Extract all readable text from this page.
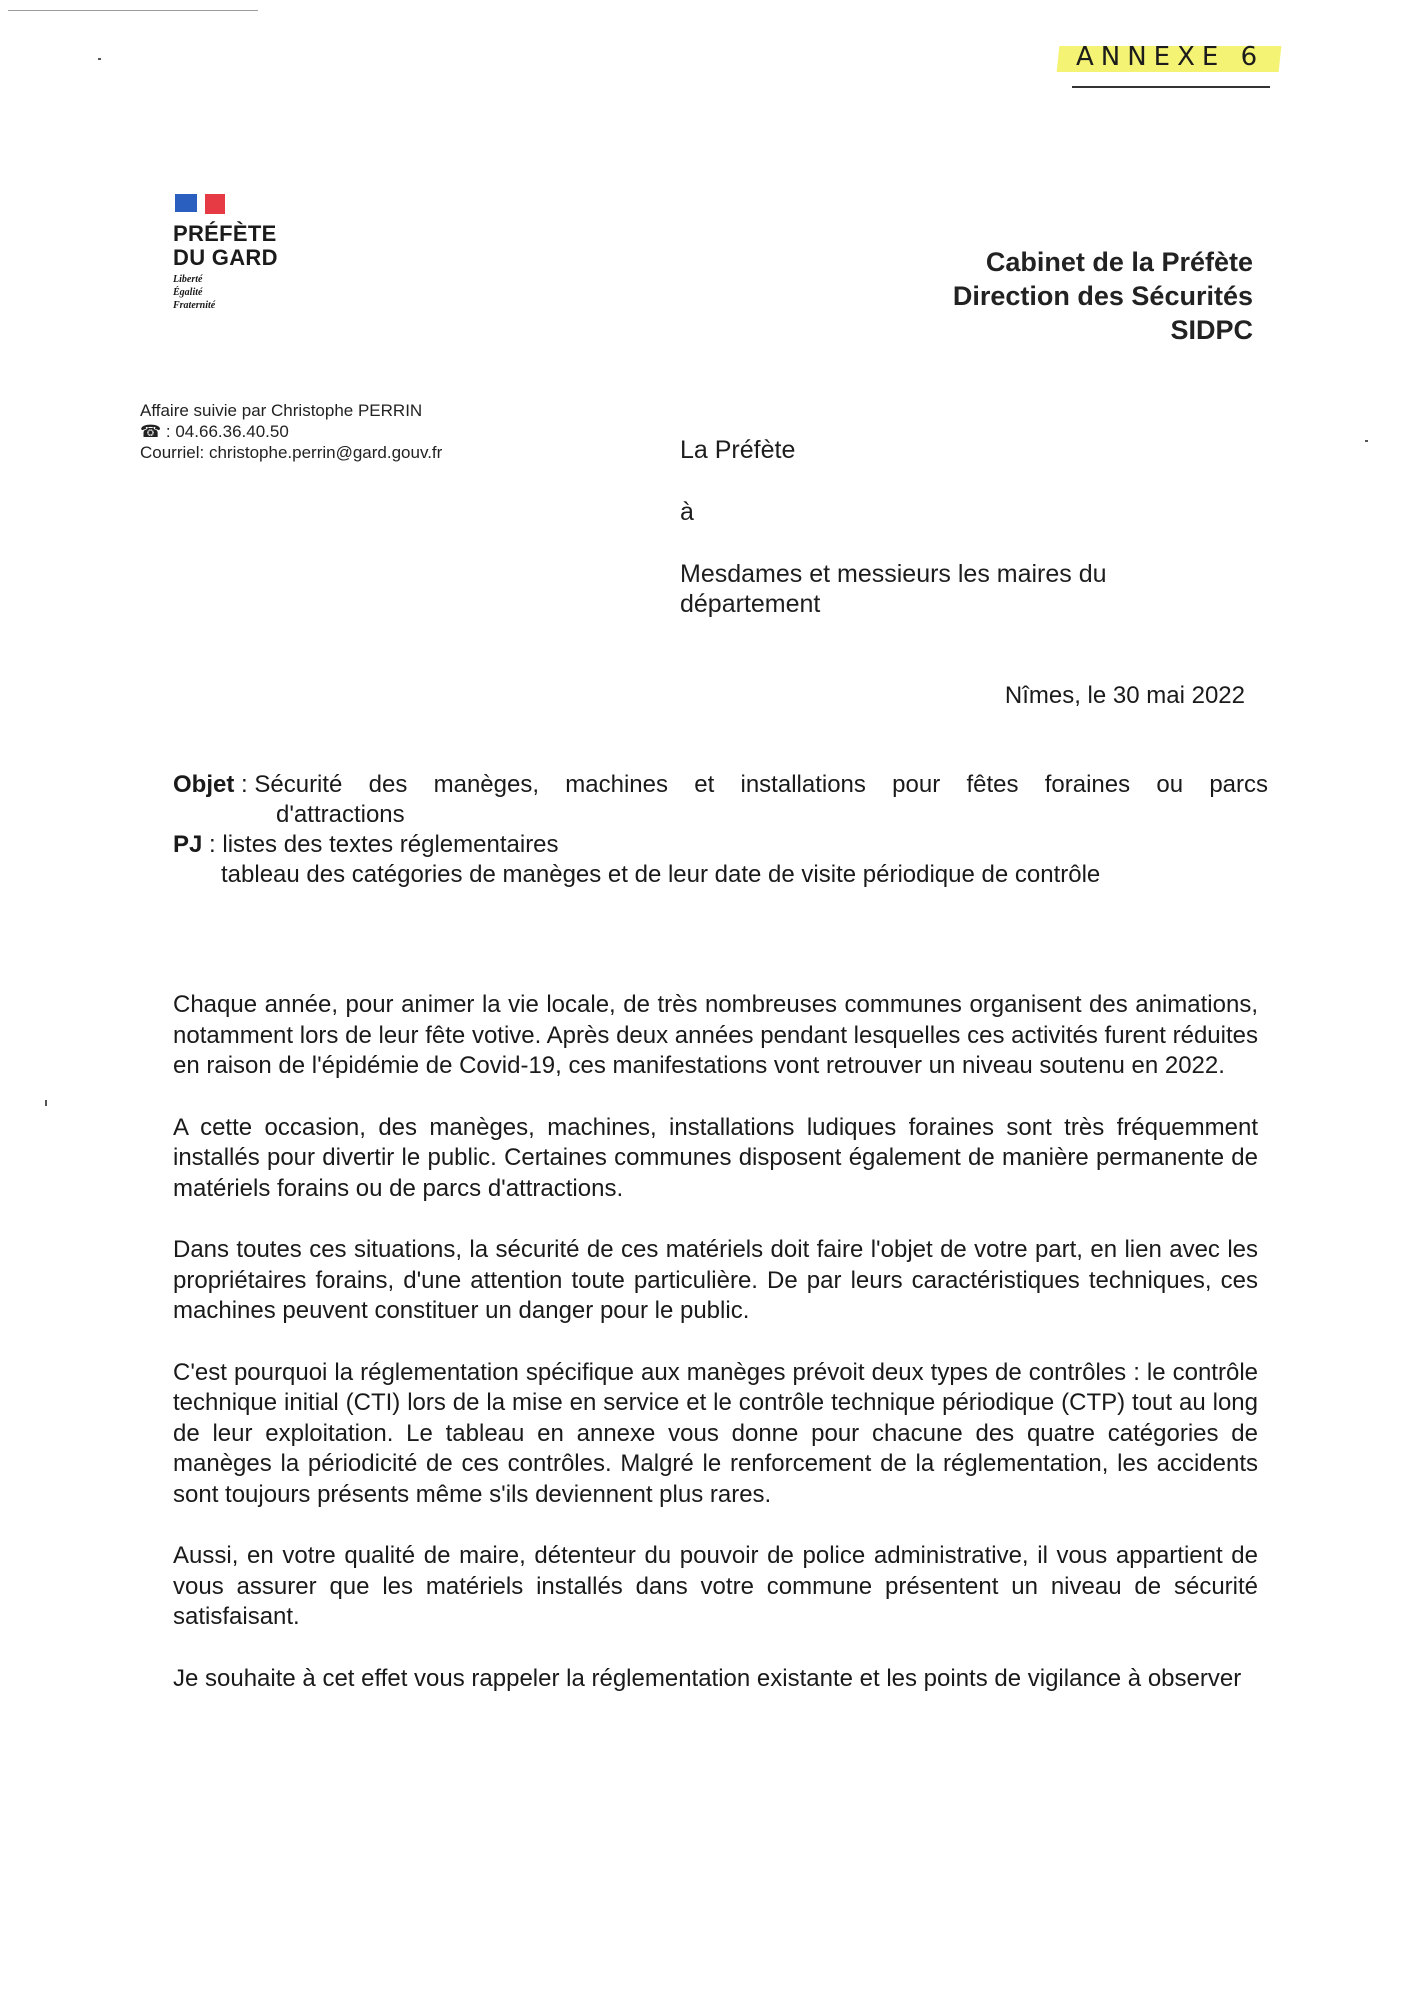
ANNEXE 6
PRÉFÈTE
DU GARD
Liberté
Égalité
Fraternité
Cabinet de la Préfète
Direction des Sécurités
SIDPC
Affaire suivie par Christophe PERRIN
☎ : 04.66.36.40.50
Courriel: christophe.perrin@gard.gouv.fr	La Préfète
à
Mesdames et messieurs les maires du
département
Nîmes, le 30 mai 2022
Objet : Sécurité des manèges, machines et installations pour fêtes foraines ou parcs
d'attractions
PJ : listes des textes réglementaires
tableau des catégories de manèges et de leur date de visite périodique de contrôle

Chaque année, pour animer la vie locale, de très nombreuses communes organisent des animations, notamment lors de leur fête votive. Après deux années pendant lesquelles ces activités furent réduites en raison de l'épidémie de Covid-19, ces manifestations vont retrouver un niveau soutenu en 2022.

A cette occasion, des manèges, machines, installations ludiques foraines sont très fréquemment installés pour divertir le public. Certaines communes disposent également de manière permanente de matériels forains ou de parcs d'attractions.

Dans toutes ces situations, la sécurité de ces matériels doit faire l'objet de votre part, en lien avec les propriétaires forains, d'une attention toute particulière. De par leurs caractéristiques techniques, ces machines peuvent constituer un danger pour le public.

C'est pourquoi la réglementation spécifique aux manèges prévoit deux types de contrôles : le contrôle technique initial (CTI) lors de la mise en service et le contrôle technique périodique (CTP) tout au long de leur exploitation. Le tableau en annexe vous donne pour chacune des quatre catégories de manèges la périodicité de ces contrôles. Malgré le renforcement de la réglementation, les accidents sont toujours présents même s'ils deviennent plus rares.

Aussi, en votre qualité de maire, détenteur du pouvoir de police administrative, il vous appartient de vous assurer que les matériels installés dans votre commune présentent un niveau de sécurité satisfaisant.

Je souhaite à cet effet vous rappeler la réglementation existante et les points de vigilance à observer
